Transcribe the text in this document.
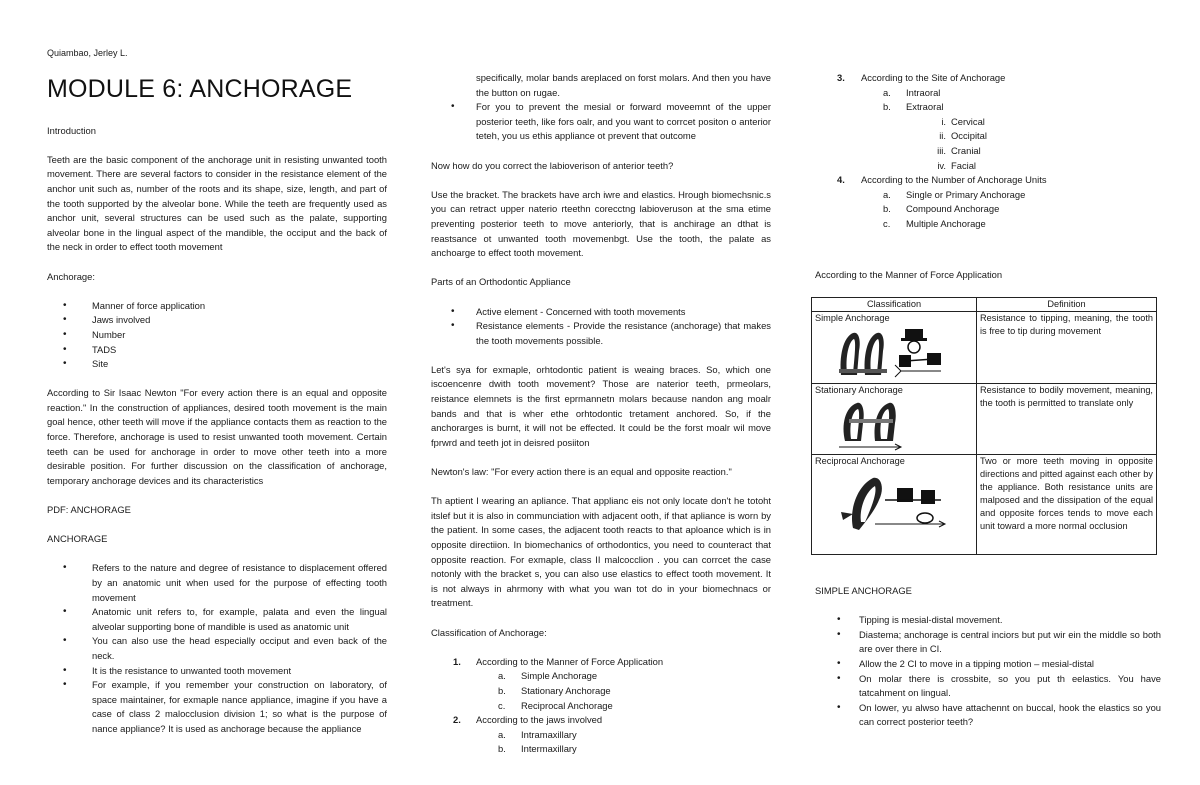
Quiambao, Jerley L.
MODULE 6: ANCHORAGE
Introduction

Teeth are the basic component of the anchorage unit in resisting unwanted tooth movement. There are several factors to consider in the resistance element of the anchor unit such as, number of the roots and its shape, size, length, and part of the tooth supported by the alveolar bone. While the teeth are frequently used as anchor unit, several structures can be used such as the palate, supporting alveolar bone in the lingual aspect of the mandible, the occiput and the back of the neck in order to effect tooth movement

Anchorage:
• Manner of force application
• Jaws involved
• Number
• TADS
• Site

According to Sir Isaac Newton "For every action there is an equal and opposite reaction." In the construction of appliances, desired tooth movement is the main goal hence, other teeth will move if the appliance contacts them as reaction to the force. Therefore, anchorage is used to resist unwanted tooth movement. Certain teeth can be used for anchorage in order to move other teeth into a more desirable position. For further discussion on the classification of anchorage, temporary anchorage devices and its characteristics

PDF: ANCHORAGE
ANCHORAGE
• Refers to the nature and degree of resistance to displacement offered by an anatomic unit when used for the purpose of effecting tooth movement
• Anatomic unit refers to, for example, palata and even the lingual alveolar supporting bone of mandible is used as anatomic unit
• You can also use the head especially occiput and even back of the neck.
• It is the resistance to unwanted tooth movement
• For example, if you remember your construction on laboratory, of space maintainer, for exmaple nance appliance, imagine if you have a case of class 2 malocclusion division 1; so what is the purpose of nance appliance? It is used as anchorage because the appliance
specifically, molar bands areplaced on forst molars. And then you have the button on rugae.
• For you to prevent the mesial or forward moveemnt of the upper posterior teeth, like fors oalr, and you want to corrcet positon o anterior teteh, you us ethis appliance ot prevent that outcome
Now how do you correct the labioverison of anterior teeth?

Use the bracket. The brackets have arch iwre and elastics. Hrough biomechsnic.s you can retract upper naterio rteethn corecctng labioveruson at the sma etime preventing posterior teeth to move anteriorly, that is anchirage an dthat is reastsance ot unwanted tooth movemenbgt. Use the tooth, the palate as anchoarge to effect tooth movement.

Parts of an Orthodontic Appliance
• Active element - Concerned with tooth movements
• Resistance elements - Provide the resistance (anchorage) that makes the tooth movements possible.

Let's sya for exmaple, orhtodontic patient is weaing braces. So, which one iscoencenre dwith tooth movement? Those are naterior teeth, prmeolars, reistance elemnets is the first eprmannetn molars because nandon ang moalr bands and that is wher ethe orhtodontic tretament anchored. So, if the anchorarges is burnt, it will not be effected. It could be the forst moalr wil move fprwrd and teeth jot in deisred posiiton

Newton's law: "For every action there is an equal and opposite reaction."

Th aptient I wearing an apliance. That applianc eis not only locate don't he totoht itslef but it is also in communciation with adjacent ooth, if that apliance is worn by the patient. In some cases, the adjacent tooth reacts to that aploance which is in opposite directiion. In biomechanics of orthodontics, you need to counteract that opposite reaction. For exmaple, class II malcocclion . you can corrcet the case notonly with the bracket s, you can also use elastics to effect tooth movement. It is not always in ahrmony with what you wan tot do in your biomechnacs or treatment.

Classification of Anchorage:
1. According to the Manner of Force Application
a.	Simple Anchorage
b.	Stationary Anchorage
c.	Reciprocal Anchorage
2. According to the jaws involved
a.	Intramaxillary
b.	Intermaxillary
3. According to the Site of Anchorage
a.	Intraoral
b.	Extraoral
i. Cervical
ii. Occipital
iii. Cranial
iv. Facial
4. According to the Number of Anchorage Units
a.	Single or Primary Anchorage
b.	Compound Anchorage
c.	Multiple Anchorage
According to the Manner of Force Application
Classification	Definition

Simple Anchorage	Resistance to tipping, meaning, the tooth is free to tip during movement

Stationary Anchorage	Resistance to bodily movement, meaning, the tooth is permitted to translate only

Reciprocal Anchorage	Two or more teeth moving in opposite directions and pitted against each other by the appliance. Both resistance units are malposed and the dissipation of the equal and opposite forces tends to move each unit toward a more normal occlusion
SIMPLE ANCHORAGE
• Tipping is mesial-distal movement.
• Diastema; anchorage is central inciors but put wir ein the middle so both are over there in CI.
• Allow the 2 CI to move in a tipping motion – mesial-distal
• On molar there is crossbite, so you put th eelastics. You have tatcahment on lingual.
• On lower, yu alwso have attachennt on buccal, hook the elastics so you can correct posterior teeth?
